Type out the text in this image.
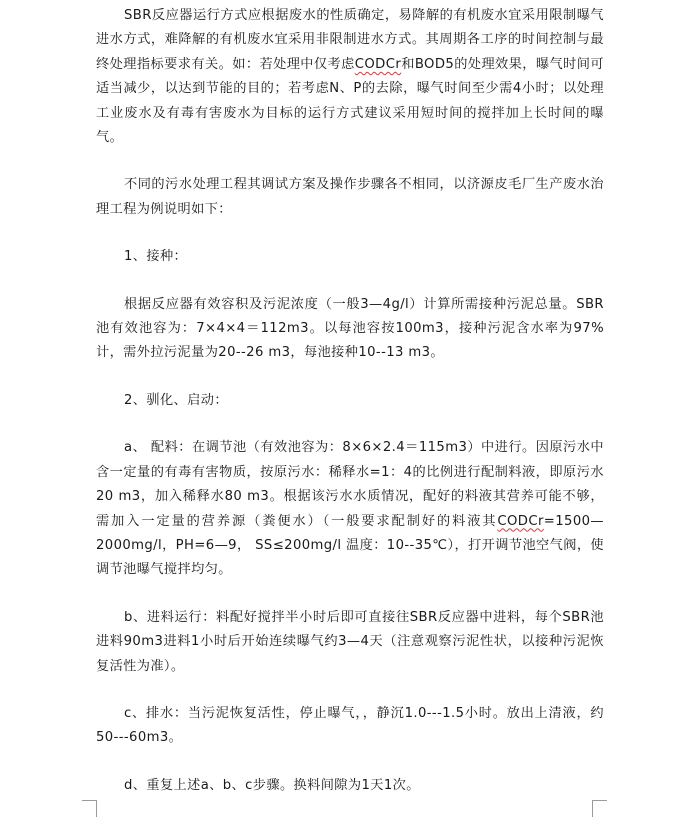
SBR反应器运行方式应根据废水的性质确定，易降解的有机废水宜采用限制曝气进水方式，难降解的有机废水宜采用非限制进水方式。其周期各工序的时间控制与最终处理指标要求有关。如：若处理中仅考虑CODCr和BOD5的处理效果，曝气时间可适当减少，以达到节能的目的；若考虑N、P的去除，曝气时间至少需4小时；以处理工业废水及有毒有害废水为目标的运行方式建议采用短时间的搅拌加上长时间的曝气。

不同的污水处理工程其调试方案及操作步骤各不相同，以济源皮毛厂生产废水治理工程为例说明如下：

1、接种：

根据反应器有效容积及污泥浓度（一般3—4g/l）计算所需接种污泥总量。SBR池有效池容为：7×4×4＝112m3。以每池容按100m3，接种污泥含水率为97%计，需外拉污泥量为20--26 m3，每池接种10--13 m3。

2、驯化、启动：

a、 配料：在调节池（有效池容为：8×6×2.4＝115m3）中进行。因原污水中含一定量的有毒有害物质，按原污水：稀释水=1：4的比例进行配制料液，即原污水20 m3，加入稀释水80 m3。根据该污水水质情况，配好的料液其营养可能不够，需加入一定量的营养源（粪便水）（一般要求配制好的料液其CODCr=1500—2000mg/l，PH=6—9， SS≤200mg/l 温度：10--35℃），打开调节池空气阀，使调节池曝气搅拌均匀。

b、进料运行：料配好搅拌半小时后即可直接往SBR反应器中进料，每个SBR池进料90m3进料1小时后开始连续曝气约3—4天（注意观察污泥性状，以接种污泥恢复活性为准）。

c、排水：当污泥恢复活性，停止曝气，，静沉1.0---1.5小时。放出上清液，约50---60m3。

d、重复上述a、b、c步骤。换料间隙为1天1次。
